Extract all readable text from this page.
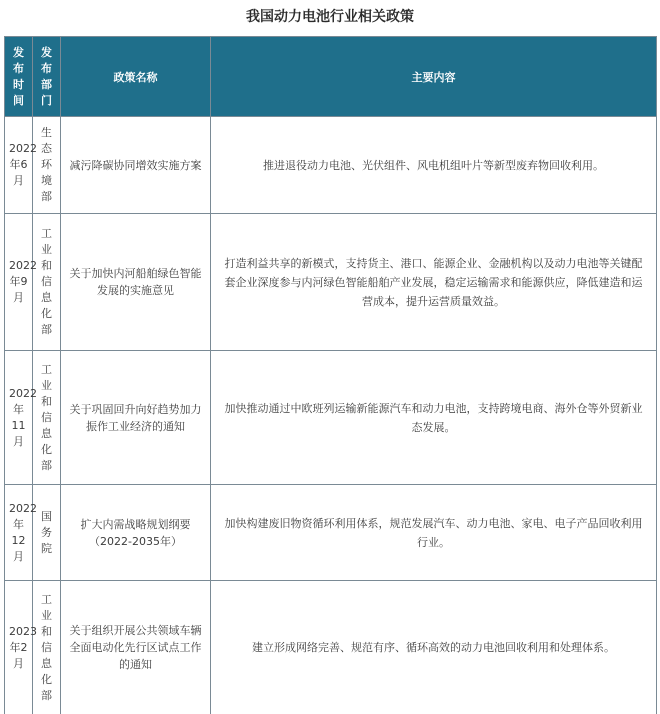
我国动力电池行业相关政策
发布时间	发布部门	政策名称	主要内容
2022年6月	生态环境部	减污降碳协同增效实施方案	推进退役动力电池、光伏组件、风电机组叶片等新型废弃物回收利用。
2022年9月	工业和信息化部	关于加快内河船舶绿色智能发展的实施意见	打造利益共享的新模式，支持货主、港口、能源企业、金融机构以及动力电池等关键配套企业深度参与内河绿色智能船舶产业发展，稳定运输需求和能源供应，降低建造和运营成本，提升运营质量效益。
2022年11月	工业和信息化部	关于巩固回升向好趋势加力振作工业经济的通知	加快推动通过中欧班列运输新能源汽车和动力电池，支持跨境电商、海外仓等外贸新业态发展。
2022年12月	国务院	扩大内需战略规划纲要（2022-2035年）	加快构建废旧物资循环利用体系，规范发展汽车、动力电池、家电、电子产品回收利用行业。
2023年2月	工业和信息化部	关于组织开展公共领域车辆全面电动化先行区试点工作的通知	建立形成网络完善、规范有序、循环高效的动力电池回收利用和处理体系。
